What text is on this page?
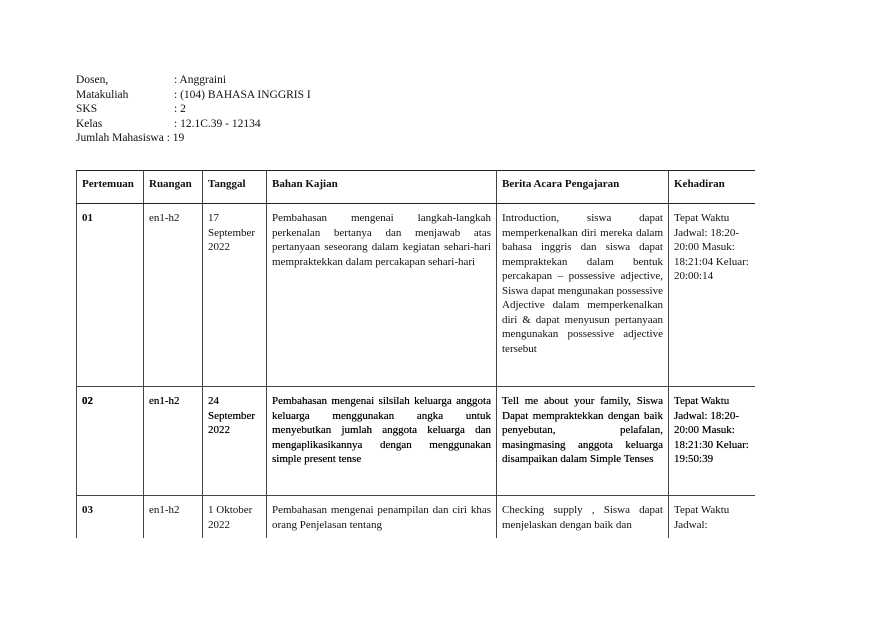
Dosen,	: Anggraini
Matakuliah	: (104) BAHASA INGGRIS I
SKS	: 2
Kelas	: 12.1C.39 - 12134
Jumlah Mahasiswa : 19
Pertemuan	Ruangan	Tanggal	Bahan Kajian	Berita Acara Pengajaran	Kehadiran
01	en1-h2	17 September 2022	Pembahasan mengenai langkah-langkah perkenalan bertanya dan menjawab atas pertanyaan seseorang dalam kegiatan sehari-hari mempraktekkan dalam percakapan sehari-hari	Introduction, siswa dapat memperkenalkan diri mereka dalam bahasa inggris dan siswa dapat mempraktekan dalam bentuk percakapan – possessive adjective, Siswa dapat mengunakan possessive Adjective dalam memperkenalkan diri & dapat menyusun pertanyaan mengunakan possessive adjective tersebut	Tepat Waktu Jadwal: 18:20-20:00 Masuk: 18:21:04 Keluar: 20:00:14
02	en1-h2	24 September 2022	Pembahasan mengenai silsilah keluarga anggota keluarga menggunakan angka untuk menyebutkan jumlah anggota keluarga dan mengaplikasikannya dengan menggunakan simple present tense	Tell me about your family, Siswa Dapat mempraktekkan dengan baik penyebutan, pelafalan, masingmasing anggota keluarga disampaikan dalam Simple Tenses	Tepat Waktu Jadwal: 18:20-20:00 Masuk: 18:21:30 Keluar: 19:50:39
03	en1-h2	1 Oktober 2022	Pembahasan mengenai penampilan dan ciri khas orang Penjelasan tentang	Checking supply , Siswa dapat menjelaskan dengan baik dan	Tepat Waktu Jadwal:
